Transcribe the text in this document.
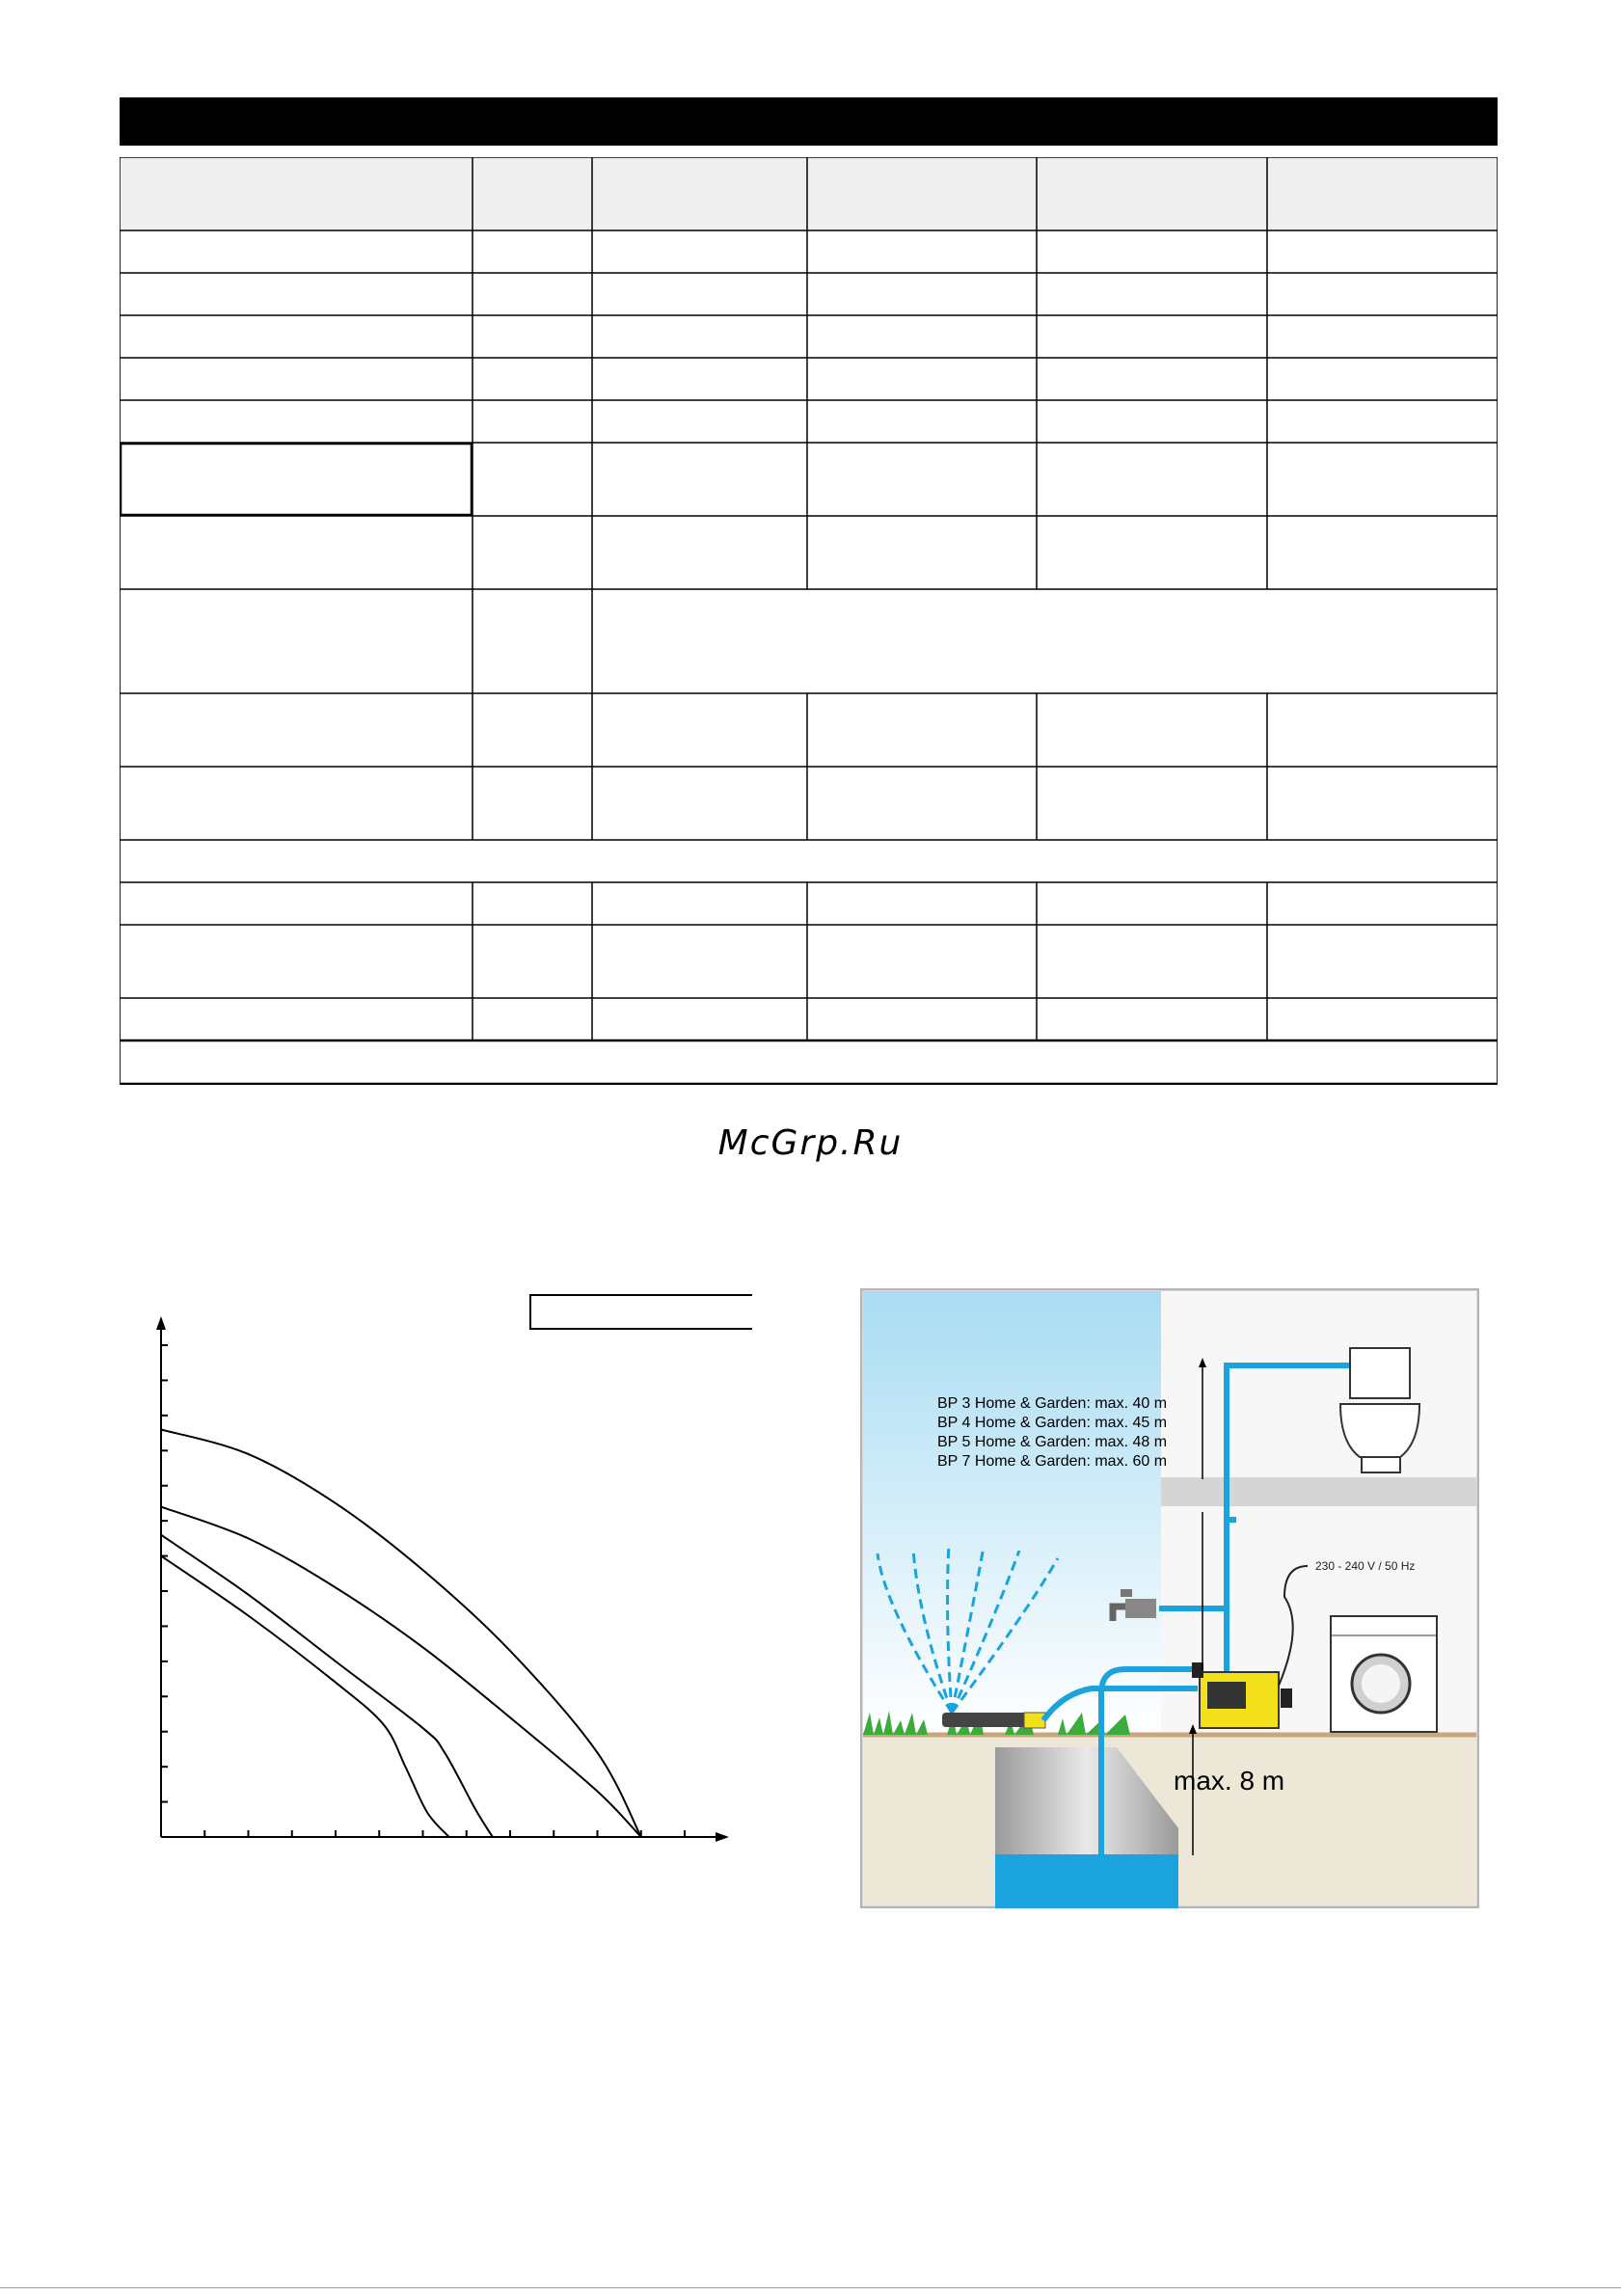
McGrp.Ru
230 - 240 V / 50 Hz
max. 8 m
BP 3 Home & Garden: max. 40 m
BP 4 Home & Garden: max. 45 m
BP 5 Home & Garden: max. 48 m
BP 7 Home & Garden: max. 60 m
